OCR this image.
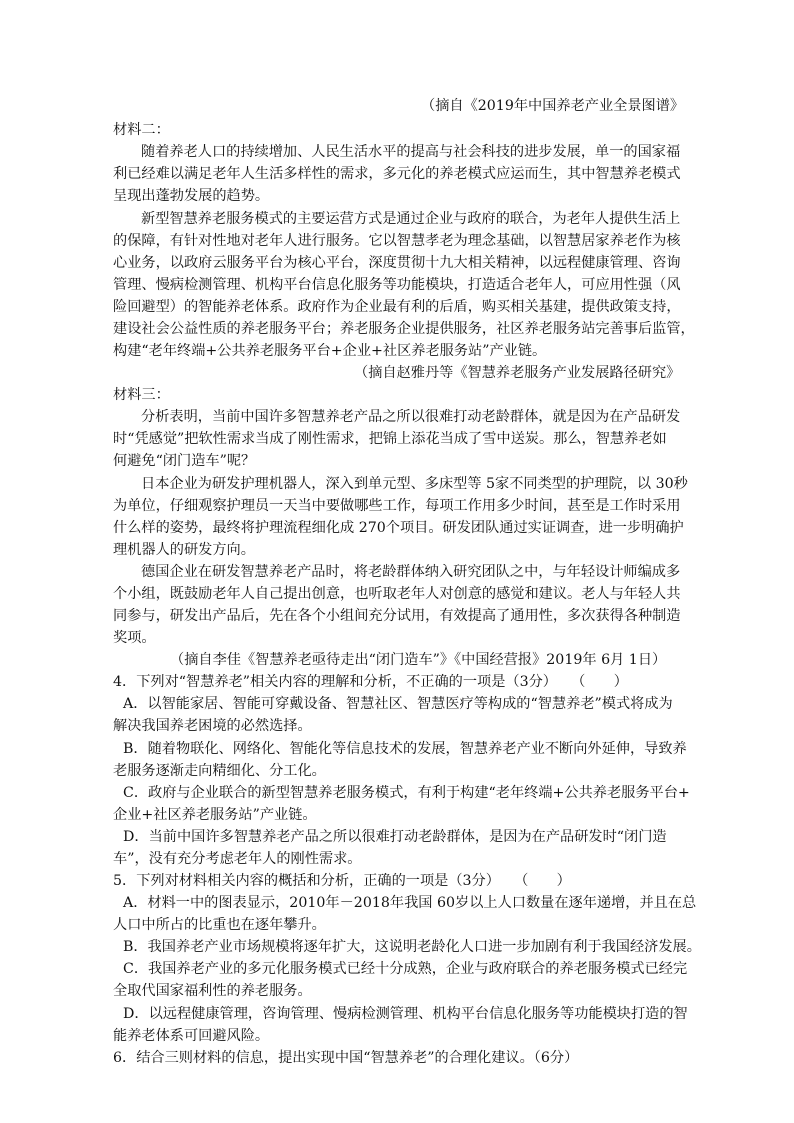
（摘自《2019年中国养老产业全景图谱》

材料二：

随着养老人口的持续增加、人民生活水平的提高与社会科技的进步发展，单一的国家福

利已经难以满足老年人生活多样性的需求，多元化的养老模式应运而生，其中智慧养老模式

呈现出蓬勃发展的趋势。

新型智慧养老服务模式的主要运营方式是通过企业与政府的联合，为老年人提供生活上

的保障，有针对性地对老年人进行服务。它以智慧孝老为理念基础，以智慧居家养老作为核

心业务，以政府云服务平台为核心平台，深度贯彻十九大相关精神，以远程健康管理、咨询

管理、慢病检测管理、机构平台信息化服务等功能模块，打造适合老年人，可应用性强（风

险回避型）的智能养老体系。政府作为企业最有利的后盾，购买相关基建，提供政策支持，

建设社会公益性质的养老服务平台；养老服务企业提供服务，社区养老服务站完善事后监管，

构建“老年终端+公共养老服务平台+企业+社区养老服务站”产业链。

（摘自赵雅丹等《智慧养老服务产业发展路径研究》

材料三：

分析表明，当前中国许多智慧养老产品之所以很难打动老龄群体，就是因为在产品研发

时“凭感觉”把软性需求当成了刚性需求，把锦上添花当成了雪中送炭。那么，智慧养老如

何避免“闭门造车”呢？

日本企业为研发护理机器人，深入到单元型、多床型等 5家不同类型的护理院，以 30秒

为单位，仔细观察护理员一天当中要做哪些工作，每项工作用多少时间，甚至是工作时采用

什么样的姿势，最终将护理流程细化成 270个项目。研发团队通过实证调查，进一步明确护

理机器人的研发方向。

德国企业在研发智慧养老产品时，将老龄群体纳入研究团队之中，与年轻设计师编成多

个小组，既鼓励老年人自己提出创意，也听取老年人对创意的感觉和建议。老人与年轻人共

同参与，研发出产品后，先在各个小组间充分试用，有效提高了通用性，多次获得各种制造

奖项。

（摘自李佳《智慧养老亟待走出“闭门造车”》《中国经营报》2019年 6月 1日）

4．下列对“智慧养老”相关内容的理解和分析，不正确的一项是（3分）　　（　　）

A．以智能家居、智能可穿戴设备、智慧社区、智慧医疗等构成的“智慧养老”模式将成为

解决我国养老困境的必然选择。

B．随着物联化、网络化、智能化等信息技术的发展，智慧养老产业不断向外延伸，导致养

老服务逐渐走向精细化、分工化。

C．政府与企业联合的新型智慧养老服务模式，有利于构建“老年终端+公共养老服务平台+

企业+社区养老服务站”产业链。

D．当前中国许多智慧养老产品之所以很难打动老龄群体，是因为在产品研发时“闭门造

车”，没有充分考虑老年人的刚性需求。

5．下列对材料相关内容的概括和分析，正确的一项是（3分）　　（　　）

A．材料一中的图表显示，2010年－2018年我国 60岁以上人口数量在逐年递增，并且在总

人口中所占的比重也在逐年攀升。

B．我国养老产业市场规模将逐年扩大，这说明老龄化人口进一步加剧有利于我国经济发展。

C．我国养老产业的多元化服务模式已经十分成熟，企业与政府联合的养老服务模式已经完

全取代国家福利性的养老服务。

D．以远程健康管理，咨询管理、慢病检测管理、机构平台信息化服务等功能模块打造的智

能养老体系可回避风险。

6．结合三则材料的信息，提出实现中国“智慧养老”的合理化建议。（6分）
